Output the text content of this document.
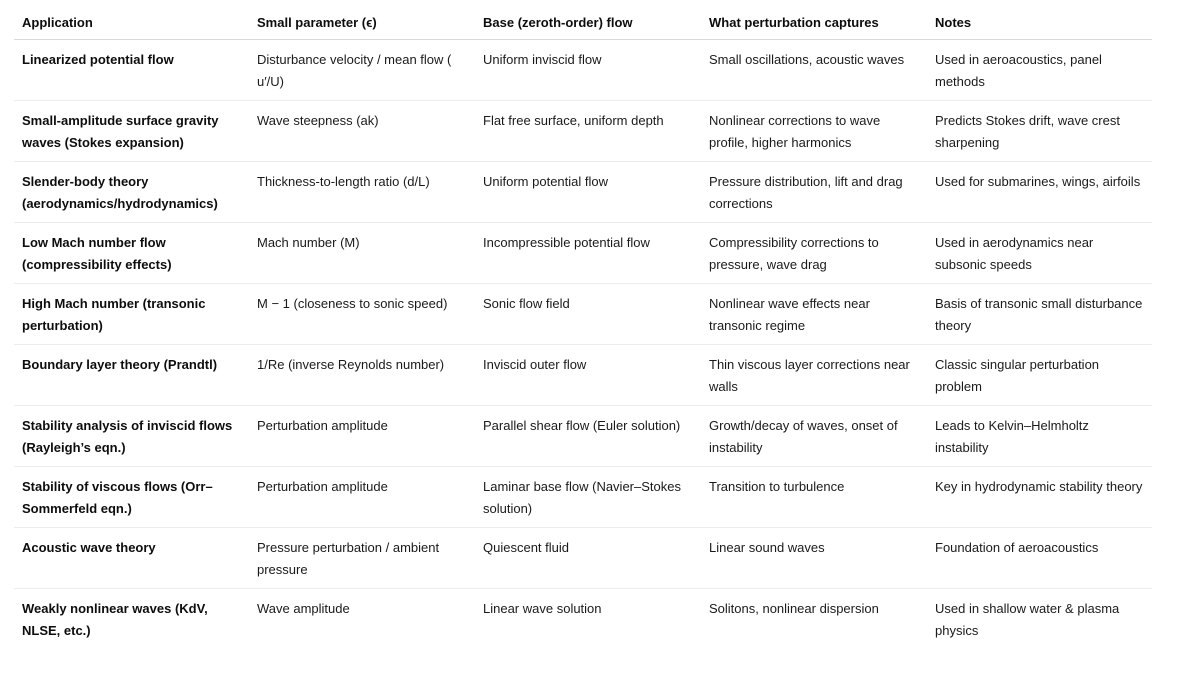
Application	Small parameter (ϵ)	Base (zeroth-order) flow	What perturbation captures	Notes
Linearized potential flow	Disturbance velocity / mean flow ( u′/U)	Uniform inviscid flow	Small oscillations, acoustic waves	Used in aeroacoustics, panel methods
Small-amplitude surface gravity waves (Stokes expansion)	Wave steepness (ak)	Flat free surface, uniform depth	Nonlinear corrections to wave profile, higher harmonics	Predicts Stokes drift, wave crest sharpening
Slender-body theory (aerodynamics/hydrodynamics)	Thickness-to-length ratio (d/L)	Uniform potential flow	Pressure distribution, lift and drag corrections	Used for submarines, wings, airfoils
Low Mach number flow (compressibility effects)	Mach number (M)	Incompressible potential flow	Compressibility corrections to pressure, wave drag	Used in aerodynamics near subsonic speeds
High Mach number (transonic perturbation)	M − 1 (closeness to sonic speed)	Sonic flow field	Nonlinear wave effects near transonic regime	Basis of transonic small disturbance theory
Boundary layer theory (Prandtl)	1/Re (inverse Reynolds number)	Inviscid outer flow	Thin viscous layer corrections near walls	Classic singular perturbation problem
Stability analysis of inviscid flows (Rayleigh’s eqn.)	Perturbation amplitude	Parallel shear flow (Euler solution)	Growth/decay of waves, onset of instability	Leads to Kelvin–Helmholtz instability
Stability of viscous flows (Orr–Sommerfeld eqn.)	Perturbation amplitude	Laminar base flow (Navier–Stokes solution)	Transition to turbulence	Key in hydrodynamic stability theory
Acoustic wave theory	Pressure perturbation / ambient pressure	Quiescent fluid	Linear sound waves	Foundation of aeroacoustics
Weakly nonlinear waves (KdV, NLSE, etc.)	Wave amplitude	Linear wave solution	Solitons, nonlinear dispersion	Used in shallow water & plasma physics
